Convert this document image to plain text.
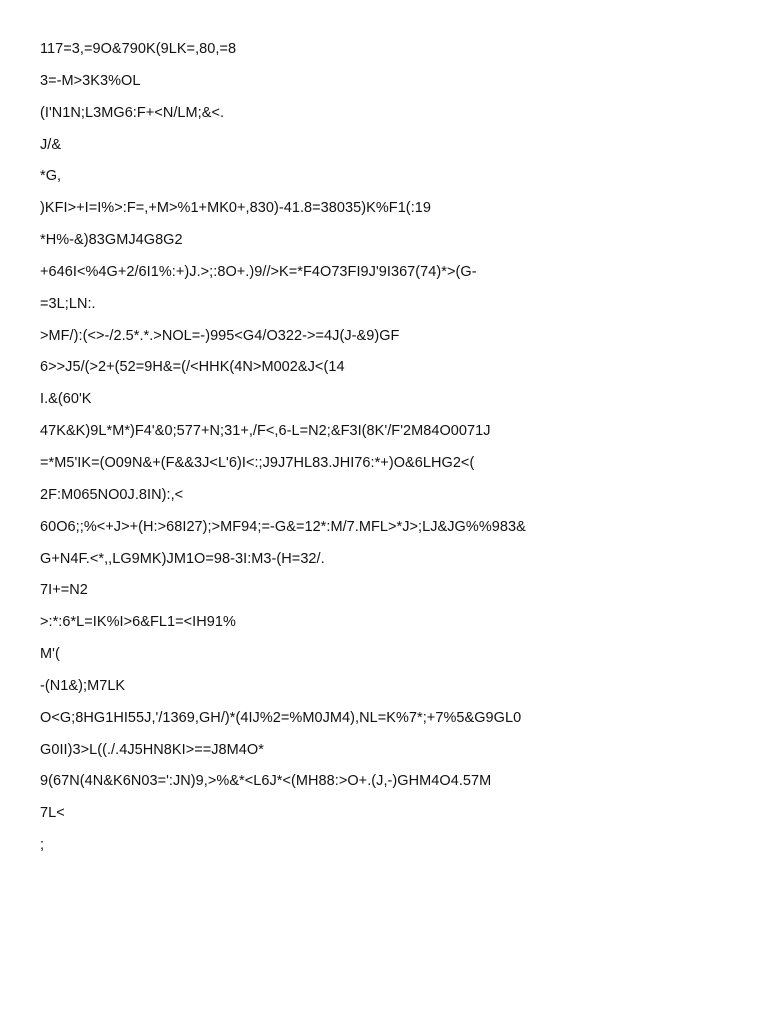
117=3,=9O&790K(9LK=,80,=8
3=-M>3K3%OL
(I'N1N;L3MG6:F+<N/LM;&<.
J/&
*G,
)KFI>+I=I%>:F=,+M>%1+MK0+,830)-41.8=38035)K%F1(:19
*H%-&)83GMJ4G8G2
+646I<%4G+2/6I1%:+)J.>;:8O+.)9//>K=*F4O73FI9J'9I367(74)*>(G-
=3L;LN:.
>MF/):(<>-/2.5*.*.>NOL=-)995<G4/O322->=4J(J-&9)GF
6>>J5/(>2+(52=9H&=(/<HHK(4N>M002&J<(14
I.&(60'K
47K&K)9L*M*)F4'&0;577+N;31+,/F<,6-L=N2;&F3I(8K'/F'2M84O0071J
=*M5'IK=(O09N&+(F&&3J<L'6)I<:;J9J7HL83.JHI76:*+)O&6LHG2<(
2F:M065NO0J.8IN):,<
60O6;;%<+J>+(H:>68I27);>MF94;=-G&=12*:M/7.MFL>*J>;LJ&JG%%983&
G+N4F.<*,,LG9MK)JM1O=98-3I:M3-(H=32/.
7I+=N2
>:*:6*L=IK%I>6&FL1=<IH91%
M'(
-(N1&);M7LK
O<G;8HG1HI55J,'/1369,GH/)*(4IJ%2=%M0JM4),NL=K%7*;+7%5&G9GL0
G0II)3>L((./.4J5HN8KI>==J8M4O*
9(67N(4N&K6N03=':JN)9,>%&*<L6J*<(MH88:>O+.(J,-)GHM4O4.57M
7L<
;
